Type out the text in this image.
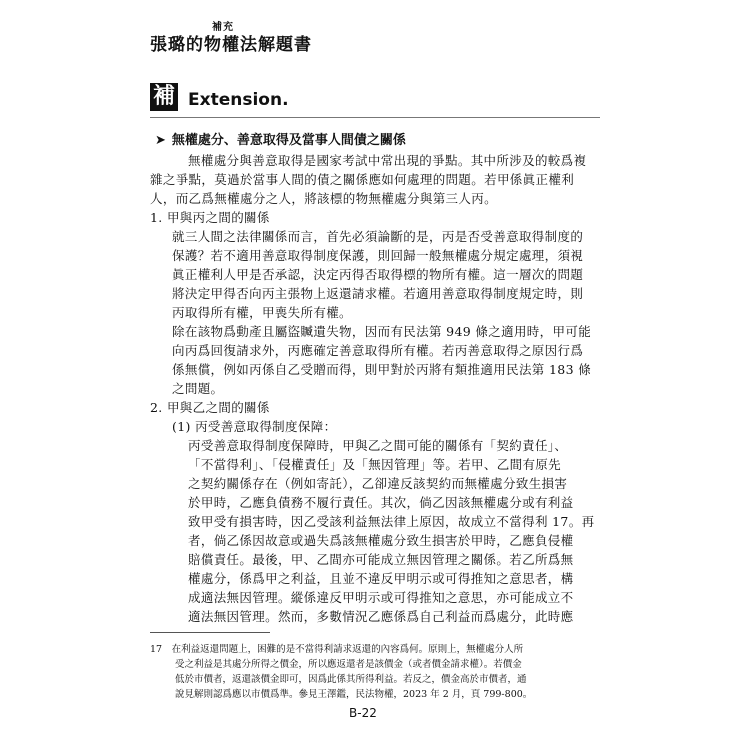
張璐的物權法
補充
解題書
補 Extension.
➤ 無權處分、善意取得及當事人間債之關係
無權處分與善意取得是國家考試中常出現的爭點。其中所涉及的較爲複
雜之爭點，莫過於當事人間的債之關係應如何處理的問題。若甲係眞正權利
人，而乙爲無權處分之人，將該標的物無權處分與第三人丙。
1. 甲與丙之間的關係
就三人間之法律關係而言，首先必須論斷的是，丙是否受善意取得制度的
保護？若不適用善意取得制度保護，則回歸一般無權處分規定處理，須視
眞正權利人甲是否承認，決定丙得否取得標的物所有權。這一層次的問題
將決定甲得否向丙主張物上返還請求權。若適用善意取得制度規定時，則
丙取得所有權，甲喪失所有權。
除在該物爲動產且屬盜贓遺失物，因而有民法第 949 條之適用時，甲可能
向丙爲回復請求外，丙應確定善意取得所有權。若丙善意取得之原因行爲
係無償，例如丙係自乙受贈而得，則甲對於丙將有類推適用民法第 183 條
之問題。
2. 甲與乙之間的關係
(1) 丙受善意取得制度保障：
丙受善意取得制度保障時，甲與乙之間可能的關係有「契約責任」、
「不當得利」、「侵權責任」及「無因管理」等。若甲、乙間有原先
之契約關係存在（例如寄託），乙卻違反該契約而無權處分致生損害
於甲時，乙應負債務不履行責任。其次，倘乙因該無權處分或有利益
致甲受有損害時，因乙受該利益無法律上原因，故成立不當得利 17。再
者，倘乙係因故意或過失爲該無權處分致生損害於甲時，乙應負侵權
賠償責任。最後，甲、乙間亦可能成立無因管理之關係。若乙所爲無
權處分，係爲甲之利益，且並不違反甲明示或可得推知之意思者，構
成適法無因管理。縱係違反甲明示或可得推知之意思，亦可能成立不
適法無因管理。然而，多數情況乙應係爲自己利益而爲處分，此時應
17　在利益返還問題上，困難的是不當得利請求返還的內容爲何。原則上，無權處分人所
受之利益是其處分所得之價金，所以應返還者是該價金（或者價金請求權）。若價金
低於市價者，返還該價金即可，因爲此係其所得利益。若反之，價金高於市價者，通
說見解則認爲應以市價爲準。參見王澤鑑，民法物權，2023 年 2 月，頁 799-800。
B-22
